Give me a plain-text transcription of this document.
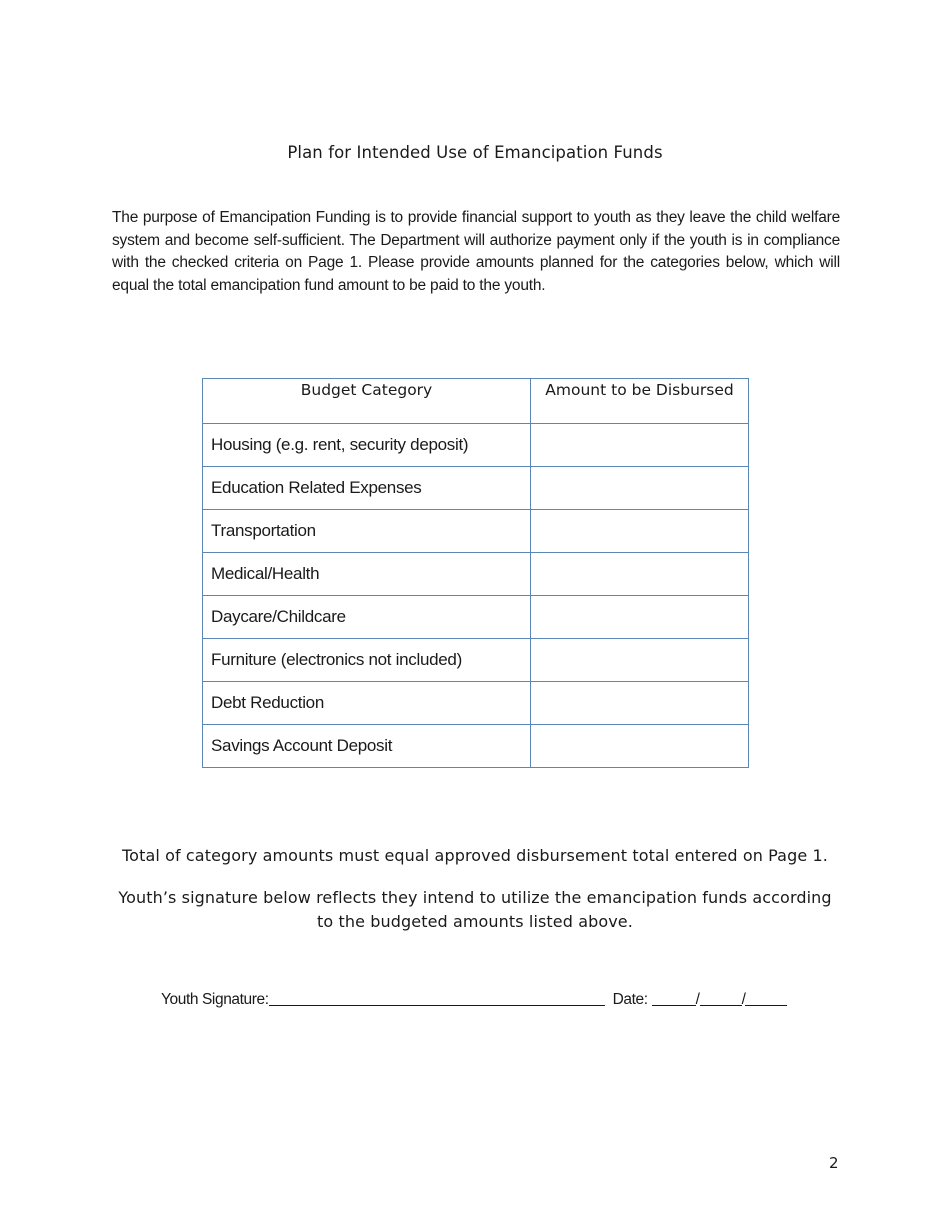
Plan for Intended Use of Emancipation Funds
The purpose of Emancipation Funding is to provide financial support to youth as they leave the child welfare system and become self-sufficient. The Department will authorize payment only if the youth is in compliance with the checked criteria on Page 1. Please provide amounts planned for the categories below, which will equal the total emancipation fund amount to be paid to the youth.
Budget Category	Amount to be Disbursed
Housing (e.g. rent, security deposit)	
Education Related Expenses	
Transportation	
Medical/Health	
Daycare/Childcare	
Furniture (electronics not included)	
Debt Reduction	
Savings Account Deposit	
Total of category amounts must equal approved disbursement total entered on Page 1.
Youth’s signature below reflects they intend to utilize the emancipation funds according to the budgeted amounts listed above.
Youth Signature:	Date:	/	/
2
